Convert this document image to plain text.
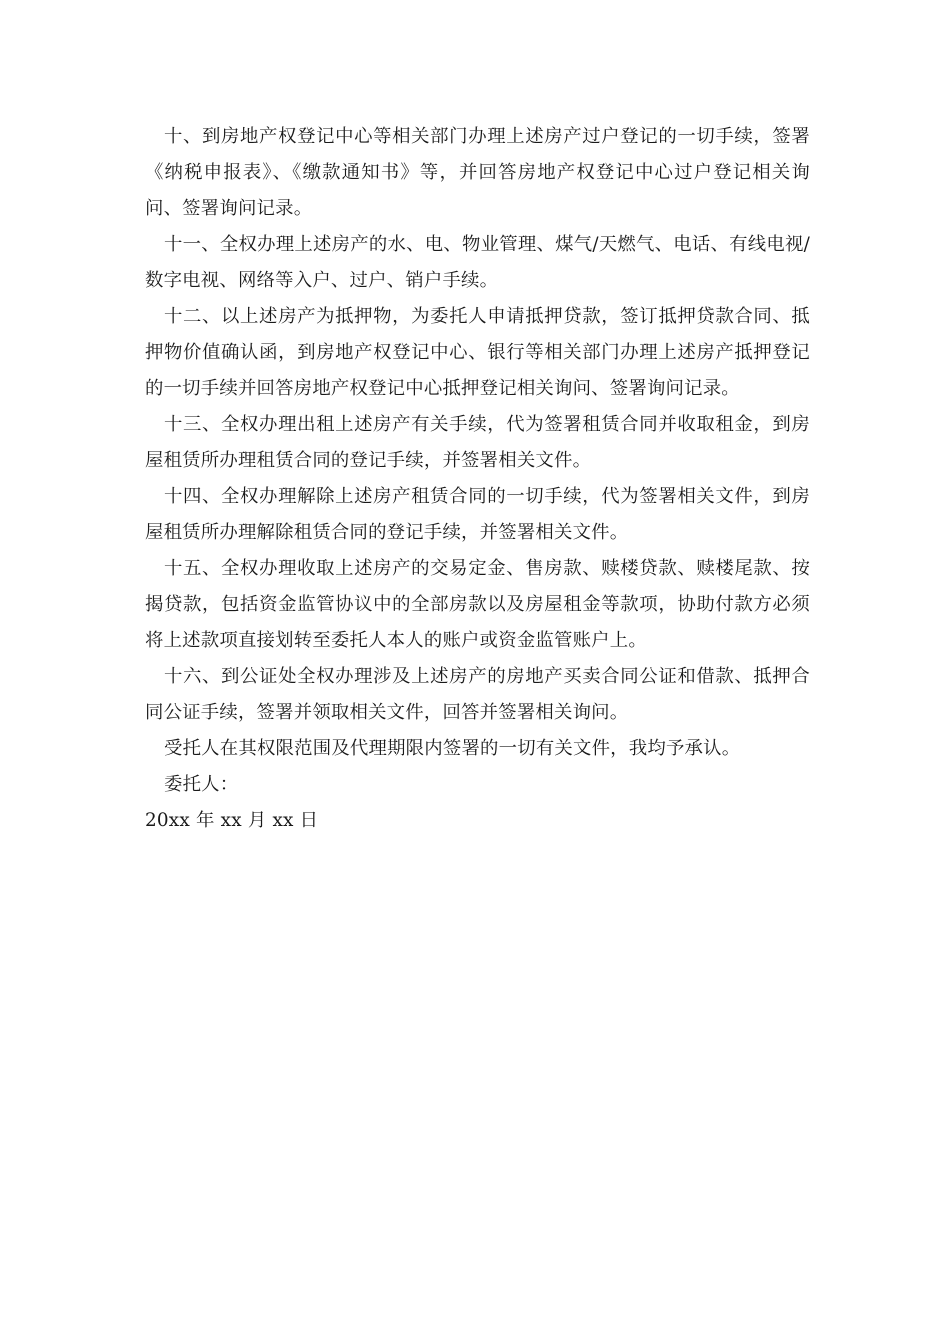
十、到房地产权登记中心等相关部门办理上述房产过户登记的一切手续，签署《纳税申报表》、《缴款通知书》等，并回答房地产权登记中心过户登记相关询问、签署询问记录。

十一、全权办理上述房产的水、电、物业管理、煤气/天燃气、电话、有线电视/数字电视、网络等入户、过户、销户手续。

十二、以上述房产为抵押物，为委托人申请抵押贷款，签订抵押贷款合同、抵押物价值确认函，到房地产权登记中心、银行等相关部门办理上述房产抵押登记的一切手续并回答房地产权登记中心抵押登记相关询问、签署询问记录。

十三、全权办理出租上述房产有关手续，代为签署租赁合同并收取租金，到房屋租赁所办理租赁合同的登记手续，并签署相关文件。

十四、全权办理解除上述房产租赁合同的一切手续，代为签署相关文件，到房屋租赁所办理解除租赁合同的登记手续，并签署相关文件。

十五、全权办理收取上述房产的交易定金、售房款、赎楼贷款、赎楼尾款、按揭贷款，包括资金监管协议中的全部房款以及房屋租金等款项，协助付款方必须将上述款项直接划转至委托人本人的账户或资金监管账户上。

十六、到公证处全权办理涉及上述房产的房地产买卖合同公证和借款、抵押合同公证手续，签署并领取相关文件，回答并签署相关询问。

受托人在其权限范围及代理期限内签署的一切有关文件，我均予承认。

委托人：

20xx 年 xx 月 xx 日
